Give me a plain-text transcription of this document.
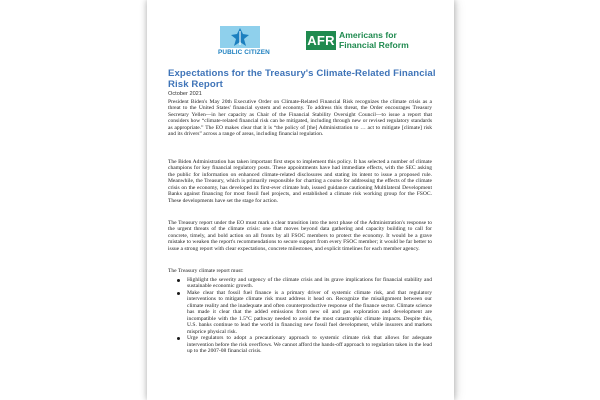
PUBLIC CITIZEN
AFR Americans for
Financial Reform
Expectations for the Treasury's Climate-Related Financial Risk Report
October 2021

President Biden's May 20th Executive Order on Climate-Related Financial Risk recognizes the climate crisis as a threat to the United States' financial system and economy. To address this threat, the Order encourages Treasury Secretary Yellen—in her capacity as Chair of the Financial Stability Oversight Council—to issue a report that considers how “climate-related financial risk can be mitigated, including through new or revised regulatory standards as appropriate.” The EO makes clear that it is “the policy of [the] Administration to … act to mitigate [climate] risk and its drivers” across a range of areas, including financial regulation.

The Biden Administration has taken important first steps to implement this policy. It has selected a number of climate champions for key financial regulatory posts. These appointments have had immediate effects, with the SEC asking the public for information on enhanced climate-related disclosures and stating its intent to issue a proposed rule. Meanwhile, the Treasury, which is primarily responsible for charting a course for addressing the effects of the climate crisis on the economy, has developed its first-ever climate hub, issued guidance cautioning Multilateral Development Banks against financing for most fossil fuel projects, and established a climate risk working group for the FSOC. These developments have set the stage for action.

The Treasury report under the EO must mark a clear transition into the next phase of the Administration's response to the urgent threats of the climate crisis: one that moves beyond data gathering and capacity building to call for concrete, timely, and bold action on all fronts by all FSOC members to protect the economy. It would be a grave mistake to weaken the report's recommendations to secure support from every FSOC member; it would be far better to issue a strong report with clear expectations, concrete milestones, and explicit timelines for each member agency.

The Treasury climate report must:

Highlight the severity and urgency of the climate crisis and its grave implications for financial stability and sustainable economic growth.
Make clear that fossil fuel finance is a primary driver of systemic climate risk, and that regulatory interventions to mitigate climate risk must address it head on. Recognize the misalignment between our climate reality and the inadequate and often counterproductive response of the finance sector. Climate science has made it clear that the added emissions from new oil and gas exploration and development are incompatible with the 1.5°C pathway needed to avoid the most catastrophic climate impacts. Despite this, U.S. banks continue to lead the world in financing new fossil fuel development, while insurers and markets misprice physical risk.
Urge regulators to adopt a precautionary approach to systemic climate risk that allows for adequate intervention before the risk overflows. We cannot afford the hands-off approach to regulation taken in the lead up to the 2007-08 financial crisis.
